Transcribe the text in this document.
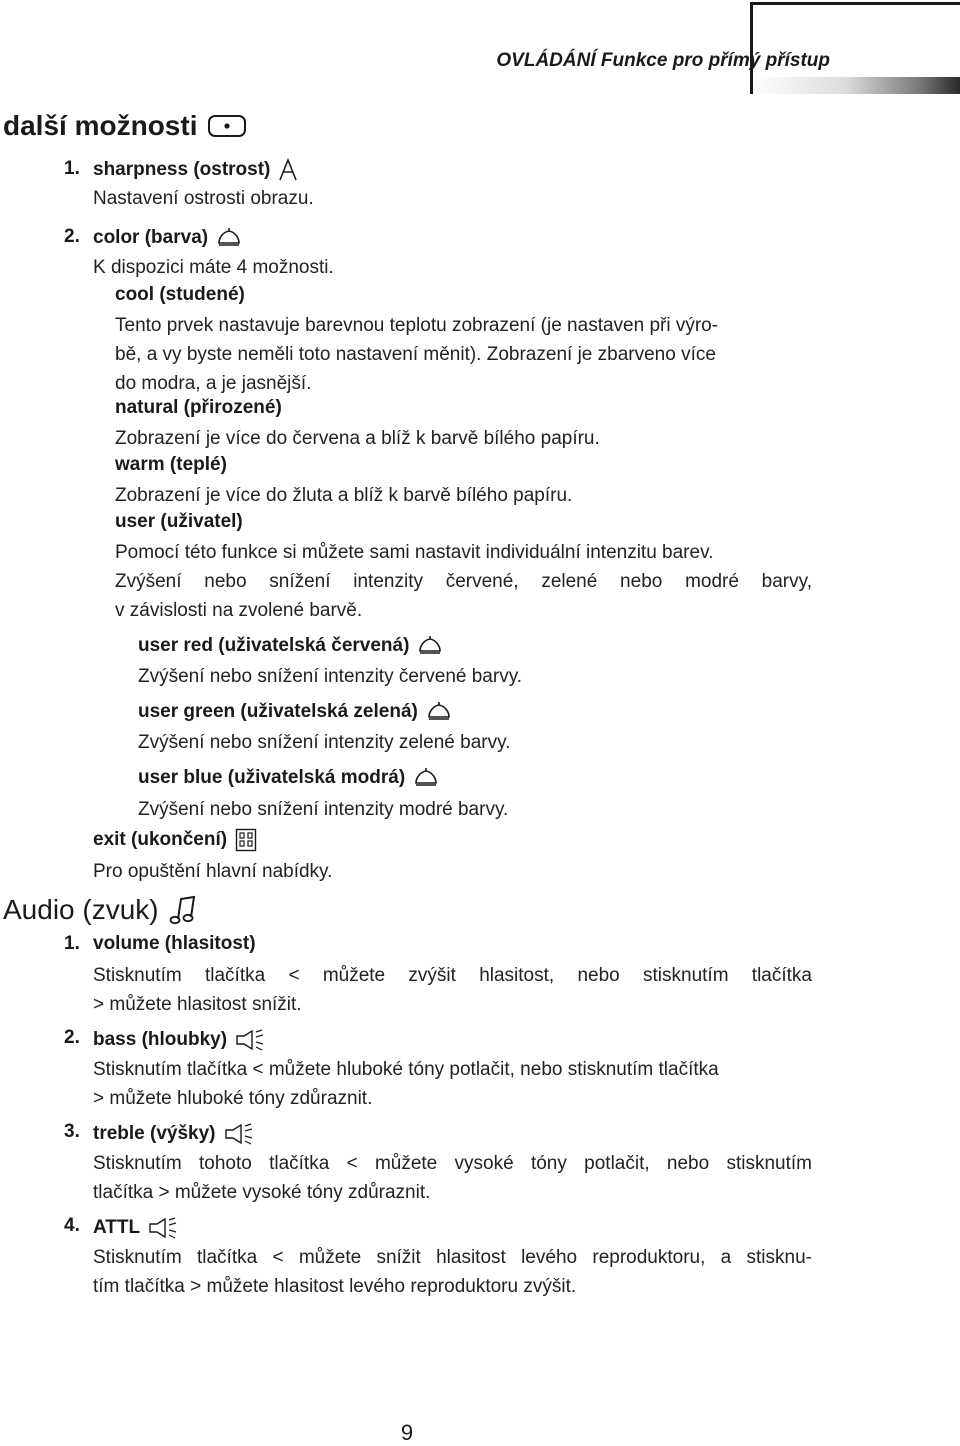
OVLÁDÁNÍ Funkce pro přímý přístup
další možnosti
1. sharpness (ostrost)
Nastavení ostrosti obrazu.
2. color (barva)
K dispozici máte 4 možnosti.
cool (studené)
Tento prvek nastavuje barevnou teplotu zobrazení (je nastaven při výro-
bě, a vy byste neměli toto nastavení měnit). Zobrazení je zbarveno více
do modra, a je jasnější.
natural (přirozené)
Zobrazení je více do červena a blíž k barvě bílého papíru.
warm (teplé)
Zobrazení je více do žluta a blíž k barvě bílého papíru.
user (uživatel)
Pomocí této funkce si můžete sami nastavit individuální intenzitu barev.
Zvýšení nebo snížení intenzity červené, zelené nebo modré barvy,
v závislosti na zvolené barvě.
user red (uživatelská červená)
Zvýšení nebo snížení intenzity červené barvy.
user green (uživatelská zelená)
Zvýšení nebo snížení intenzity zelené barvy.
user blue (uživatelská modrá)
Zvýšení nebo snížení intenzity modré barvy.
exit (ukončení)
Pro opuštění hlavní nabídky.
Audio (zvuk)
1. volume (hlasitost)
Stisknutím tlačítka < můžete zvýšit hlasitost, nebo stisknutím tlačítka
> můžete hlasitost snížit.
2. bass (hloubky)
Stisknutím tlačítka < můžete hluboké tóny potlačit, nebo stisknutím tlačítka
> můžete hluboké tóny zdůraznit.
3. treble (výšky)
Stisknutím tohoto tlačítka < můžete vysoké tóny potlačit, nebo stisknutím
tlačítka > můžete vysoké tóny zdůraznit.
4. ATTL
Stisknutím tlačítka < můžete snížit hlasitost levého reproduktoru, a stisknu-
tím tlačítka > můžete hlasitost levého reproduktoru zvýšit.
9
